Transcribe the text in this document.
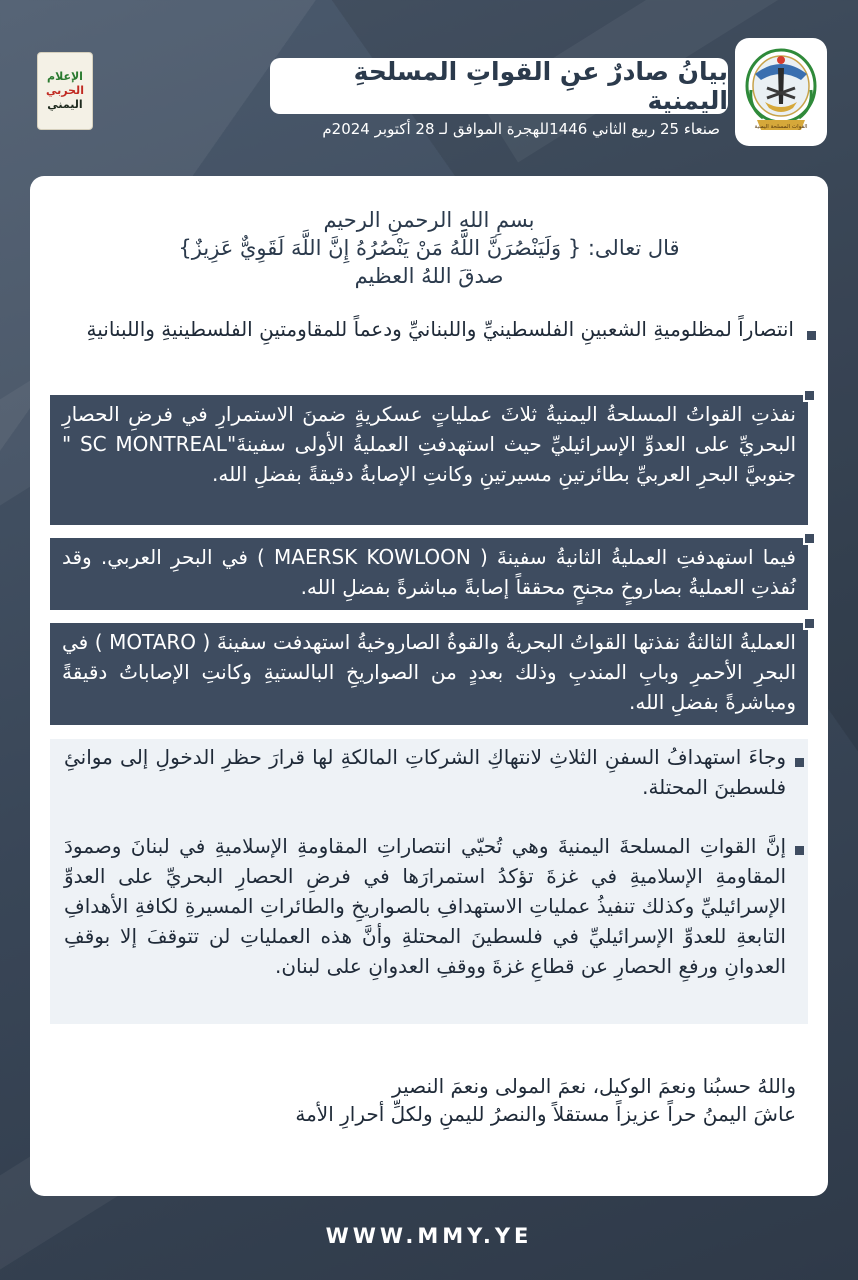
الإعلام
الحربي
اليمني
بيانُ صادرٌ عنِ القواتِ المسلحةِ اليمنية
صنعاء 25 ربيع الثاني 1446للهجرة الموافق لـ 28 أكتوبر 2024م	القوات المسلحة اليمنية
بسمِ اللهِ الرحمنِ الرحيم
قال تعالى: { وَلَيَنْصُرَنَّ اللَّهُ مَنْ يَنْصُرُهُ إِنَّ اللَّهَ لَقَوِيٌّ عَزِيزٌ}
صدقَ اللهُ العظيم
انتصاراً لمظلوميةِ الشعبينِ الفلسطينيِّ واللبنانيِّ ودعماً للمقاومتينِ الفلسطينيةِ واللبنانيةِ
نفذتِ القواتُ المسلحةُ اليمنيةُ ثلاثَ عملياتٍ عسكريةٍ ضمنَ الاستمرارِ في فرضِ الحصارِ البحريِّ على العدوِّ الإسرائيليِّ حيث استهدفتِ العمليةُ الأولى سفينةَ"SC MONTREAL " جنوبيَّ البحرِ العربيِّ بطائرتينِ مسيرتينِ وكانتِ الإصابةُ دقيقةً بفضلِ الله.
فيما استهدفتِ العمليةُ الثانيةُ سفينةَ ( MAERSK KOWLOON ) في البحرِ العربي. وقد نُفذتِ العمليةُ بصاروخٍ مجنحٍ محققاً إصابةً مباشرةً بفضلِ الله.
العمليةُ الثالثةُ نفذتها القواتُ البحريةُ والقوةُ الصاروخيةُ استهدفت سفينةَ ( MOTARO ) في البحرِ الأحمرِ وبابِ المندبِ وذلك بعددٍ من الصواريخِ البالستيةِ وكانتِ الإصاباتُ دقيقةً ومباشرةً بفضلِ الله.
وجاءَ استهدافُ السفنِ الثلاثِ لانتهاكِ الشركاتِ المالكةِ لها قرارَ حظرِ الدخولِ إلى موانئِ فلسطينَ المحتلة.
إنَّ القواتِ المسلحةَ اليمنيةَ وهي تُحيّي انتصاراتِ المقاومةِ الإسلاميةِ في لبنانَ وصمودَ المقاومةِ الإسلاميةِ في غزةَ تؤكدُ استمرارَها في فرضِ الحصارِ البحريِّ على العدوِّ الإسرائيليِّ وكذلك تنفيذُ عملياتِ الاستهدافِ بالصواريخِ والطائراتِ المسيرةِ لكافةِ الأهدافِ التابعةِ للعدوِّ الإسرائيليِّ في فلسطينَ المحتلةِ وأنَّ هذه العملياتِ لن تتوقفَ إلا بوقفِ العدوانِ ورفعِ الحصارِ عن قطاعِ غزةَ ووقفِ العدوانِ على لبنان.
واللهُ حسبُنا ونعمَ الوكيل، نعمَ المولى ونعمَ النصير
عاشَ اليمنُ حراً عزيزاً مستقلاً والنصرُ لليمنِ ولكلِّ أحرارِ الأمة
WWW.MMY.YE
